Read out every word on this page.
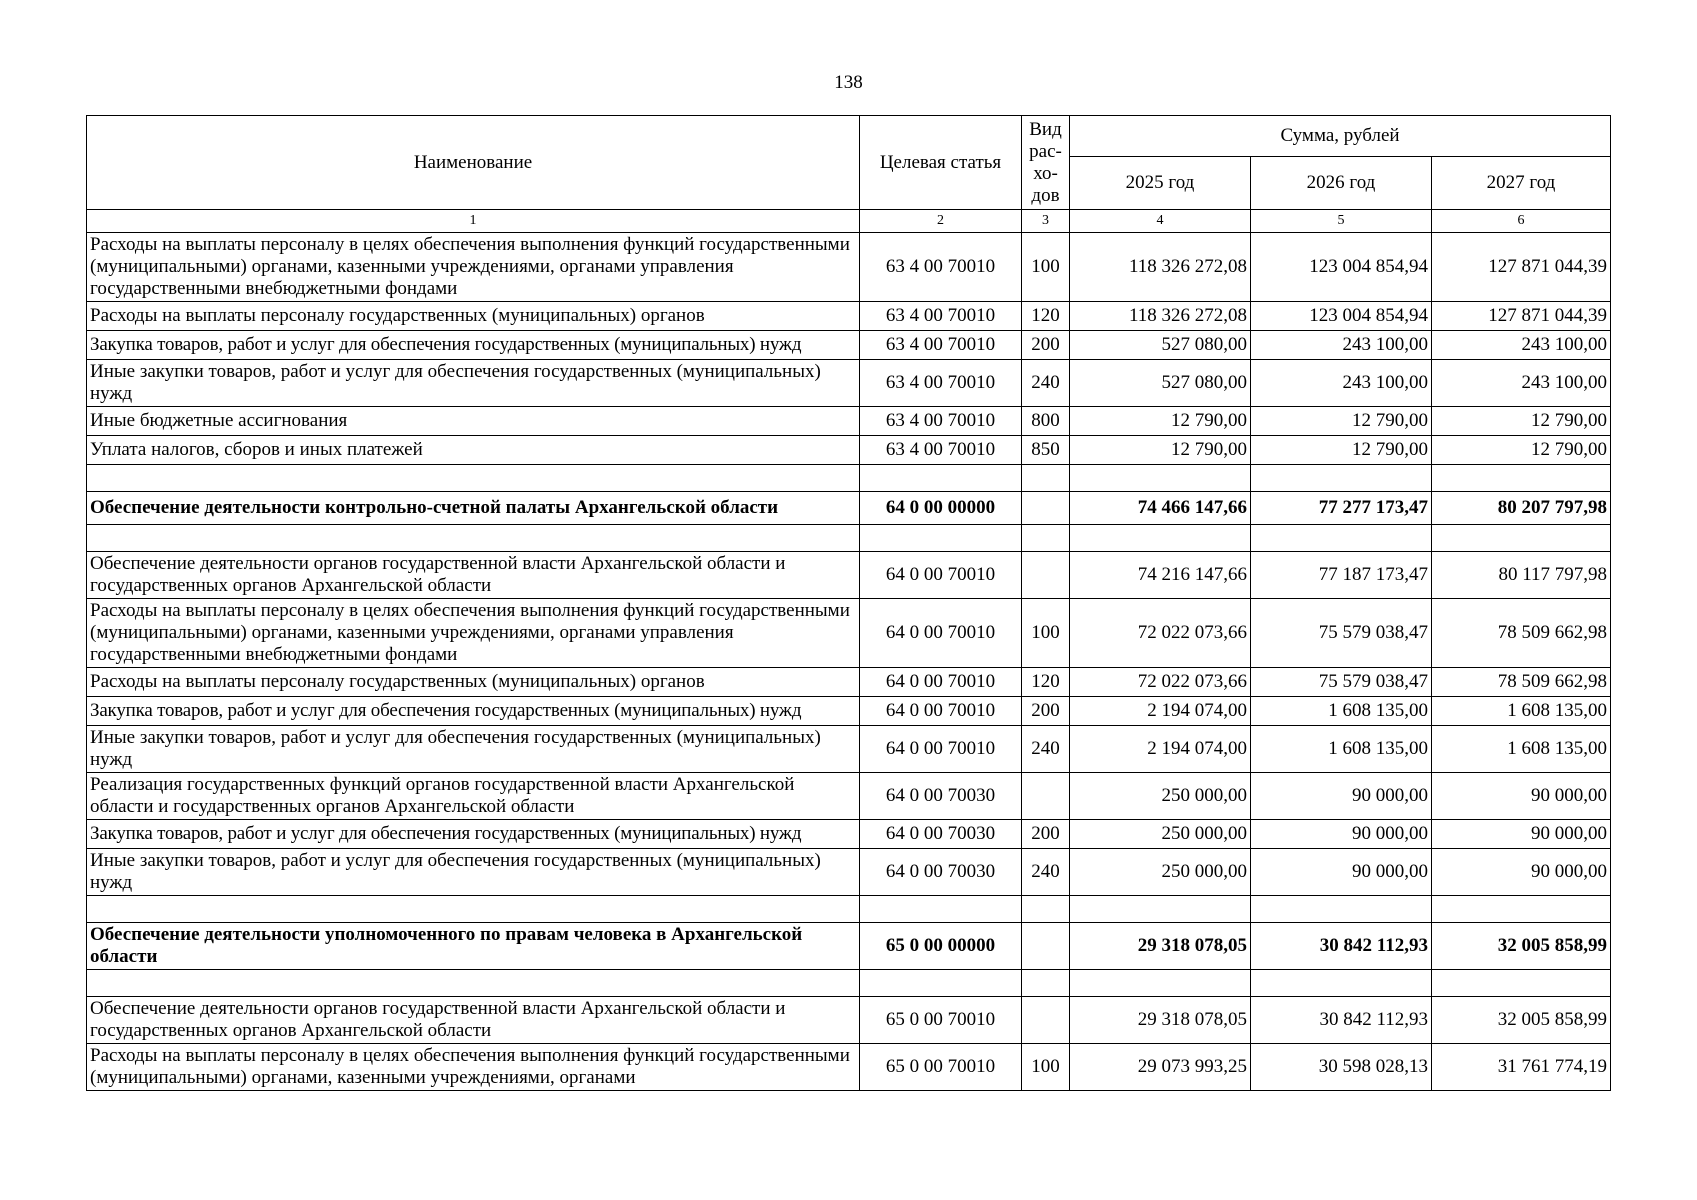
138
Наименование	Целевая статья	Вид рас-хо-дов	Сумма, рублей		
			2025 год	2026 год	2027 год
1	2	3	4	5	6
Расходы на выплаты персоналу в целях обеспечения выполнения функций государственными (муниципальными) органами, казенными учреждениями, органами управления государственными внебюджетными фондами	63 4 00 70010	100	118 326 272,08	123 004 854,94	127 871 044,39
Расходы на выплаты персоналу государственных (муниципальных) органов	63 4 00 70010	120	118 326 272,08	123 004 854,94	127 871 044,39
Закупка товаров, работ и услуг для обеспечения государственных (муниципальных) нужд	63 4 00 70010	200	527 080,00	243 100,00	243 100,00
Иные закупки товаров, работ и услуг для обеспечения государственных (муниципальных) нужд	63 4 00 70010	240	527 080,00	243 100,00	243 100,00
Иные бюджетные ассигнования	63 4 00 70010	800	12 790,00	12 790,00	12 790,00
Уплата налогов, сборов и иных платежей	63 4 00 70010	850	12 790,00	12 790,00	12 790,00

Обеспечение деятельности контрольно-счетной палаты Архангельской области	64 0 00 00000		74 466 147,66	77 277 173,47	80 207 797,98

Обеспечение деятельности органов государственной власти Архангельской области и государственных органов Архангельской области	64 0 00 70010		74 216 147,66	77 187 173,47	80 117 797,98
Расходы на выплаты персоналу в целях обеспечения выполнения функций государственными (муниципальными) органами, казенными учреждениями, органами управления государственными внебюджетными фондами	64 0 00 70010	100	72 022 073,66	75 579 038,47	78 509 662,98
Расходы на выплаты персоналу государственных (муниципальных) органов	64 0 00 70010	120	72 022 073,66	75 579 038,47	78 509 662,98
Закупка товаров, работ и услуг для обеспечения государственных (муниципальных) нужд	64 0 00 70010	200	2 194 074,00	1 608 135,00	1 608 135,00
Иные закупки товаров, работ и услуг для обеспечения государственных (муниципальных) нужд	64 0 00 70010	240	2 194 074,00	1 608 135,00	1 608 135,00
Реализация государственных функций органов государственной власти Архангельской области и государственных органов Архангельской области	64 0 00 70030		250 000,00	90 000,00	90 000,00
Закупка товаров, работ и услуг для обеспечения государственных (муниципальных) нужд	64 0 00 70030	200	250 000,00	90 000,00	90 000,00
Иные закупки товаров, работ и услуг для обеспечения государственных (муниципальных) нужд	64 0 00 70030	240	250 000,00	90 000,00	90 000,00

Обеспечение деятельности уполномоченного по правам человека в Архангельской области	65 0 00 00000		29 318 078,05	30 842 112,93	32 005 858,99

Обеспечение деятельности органов государственной власти Архангельской области и государственных органов Архангельской области	65 0 00 70010		29 318 078,05	30 842 112,93	32 005 858,99
Расходы на выплаты персоналу в целях обеспечения выполнения функций государственными (муниципальными) органами, казенными учреждениями, органами	65 0 00 70010	100	29 073 993,25	30 598 028,13	31 761 774,19
